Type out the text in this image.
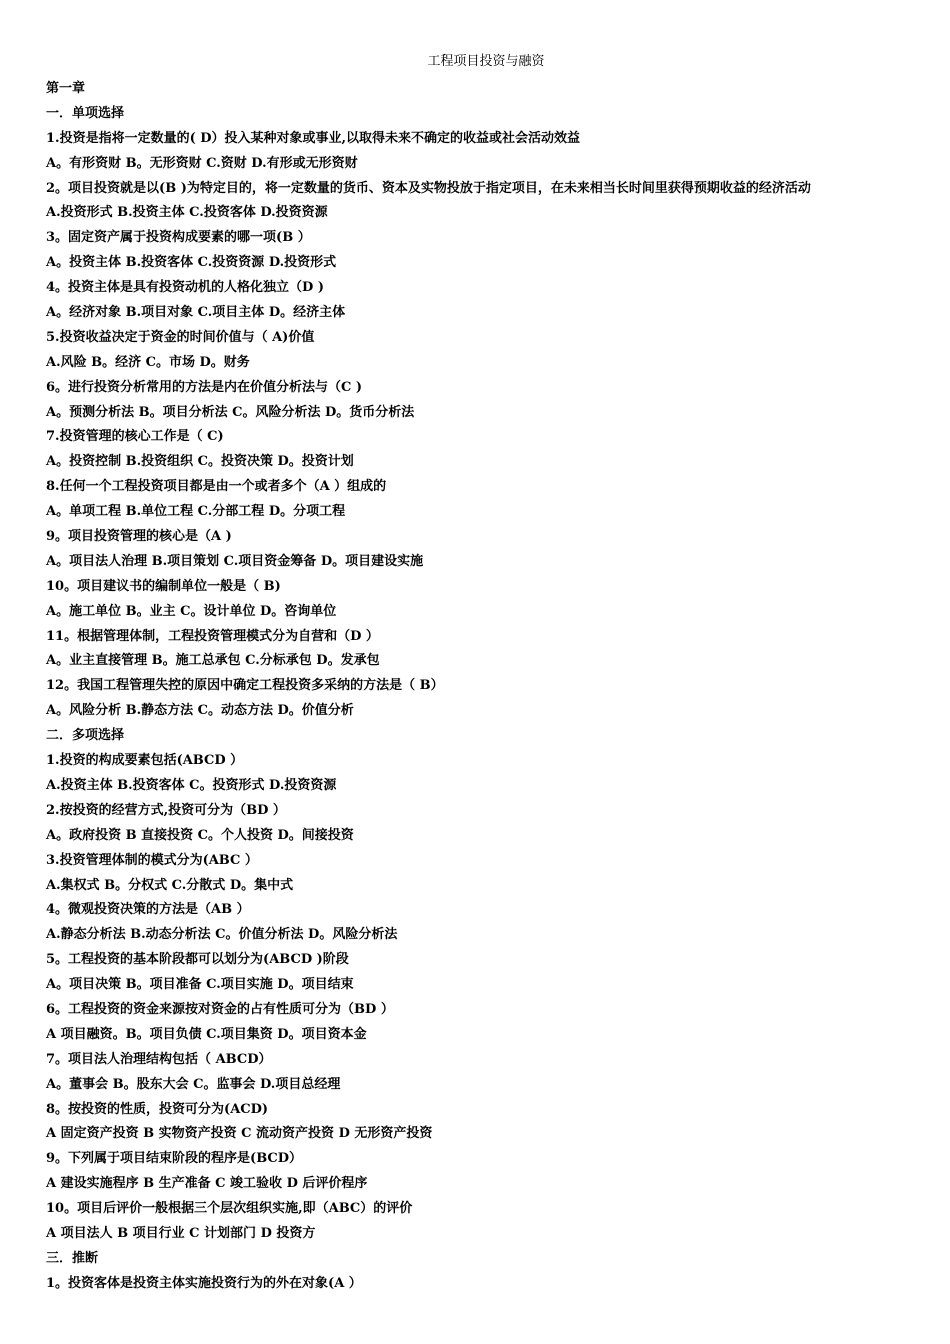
工程项目投资与融资
第一章
一．单项选择
1.投资是指将一定数量的( D）投入某种对象或事业,以取得未来不确定的收益或社会活动效益
A。有形资财 B。无形资财 C.资财 D.有形或无形资财
2。项目投资就是以(B )为特定目的，将一定数量的货币、资本及实物投放于指定项目，在未来相当长时间里获得预期收益的经济活动
A.投资形式 B.投资主体 C.投资客体 D.投资资源
3。固定资产属于投资构成要素的哪一项(B ）
A。投资主体 B.投资客体 C.投资资源 D.投资形式
4。投资主体是具有投资动机的人格化独立（D )
A。经济对象 B.项目对象 C.项目主体 D。经济主体
5.投资收益决定于资金的时间价值与（ A)价值
A.风险 B。经济 C。市场 D。财务
6。进行投资分析常用的方法是内在价值分析法与（C )
A。预测分析法 B。项目分析法 C。风险分析法 D。货币分析法
7.投资管理的核心工作是（ C)
A。投资控制 B.投资组织 C。投资决策 D。投资计划
8.任何一个工程投资项目都是由一个或者多个（A ）组成的
A。单项工程 B.单位工程 C.分部工程 D。分项工程
9。项目投资管理的核心是（A )
A。项目法人治理 B.项目策划 C.项目资金筹备 D。项目建设实施
10。项目建议书的编制单位一般是（ B)
A。施工单位 B。业主 C。设计单位 D。咨询单位
11。根据管理体制，工程投资管理模式分为自营和（D ）
A。业主直接管理 B。施工总承包 C.分标承包 D。发承包
12。我国工程管理失控的原因中确定工程投资多采纳的方法是（ B）
A。风险分析 B.静态方法 C。动态方法 D。价值分析
二．多项选择
1.投资的构成要素包括(ABCD ）
A.投资主体 B.投资客体 C。投资形式 D.投资资源
2.按投资的经营方式,投资可分为（BD ）
A。政府投资 B 直接投资 C。个人投资 D。间接投资
3.投资管理体制的模式分为(ABC ）
A.集权式 B。分权式 C.分散式 D。集中式
4。微观投资决策的方法是（AB ）
A.静态分析法 B.动态分析法 C。价值分析法 D。风险分析法
5。工程投资的基本阶段都可以划分为(ABCD )阶段
A。项目决策 B。项目准备 C.项目实施 D。项目结束
6。工程投资的资金来源按对资金的占有性质可分为（BD ）
A 项目融资。B。项目负债 C.项目集资 D。项目资本金
7。项目法人治理结构包括（ ABCD）
A。董事会 B。股东大会 C。监事会 D.项目总经理
8。按投资的性质，投资可分为(ACD)
A 固定资产投资 B 实物资产投资 C 流动资产投资 D 无形资产投资
9。下列属于项目结束阶段的程序是(BCD）
A 建设实施程序 B 生产准备 C 竣工验收 D 后评价程序
10。项目后评价一般根据三个层次组织实施,即（ABC）的评价
A 项目法人 B 项目行业 C 计划部门 D 投资方
三．推断
1。投资客体是投资主体实施投资行为的外在对象(A ）
